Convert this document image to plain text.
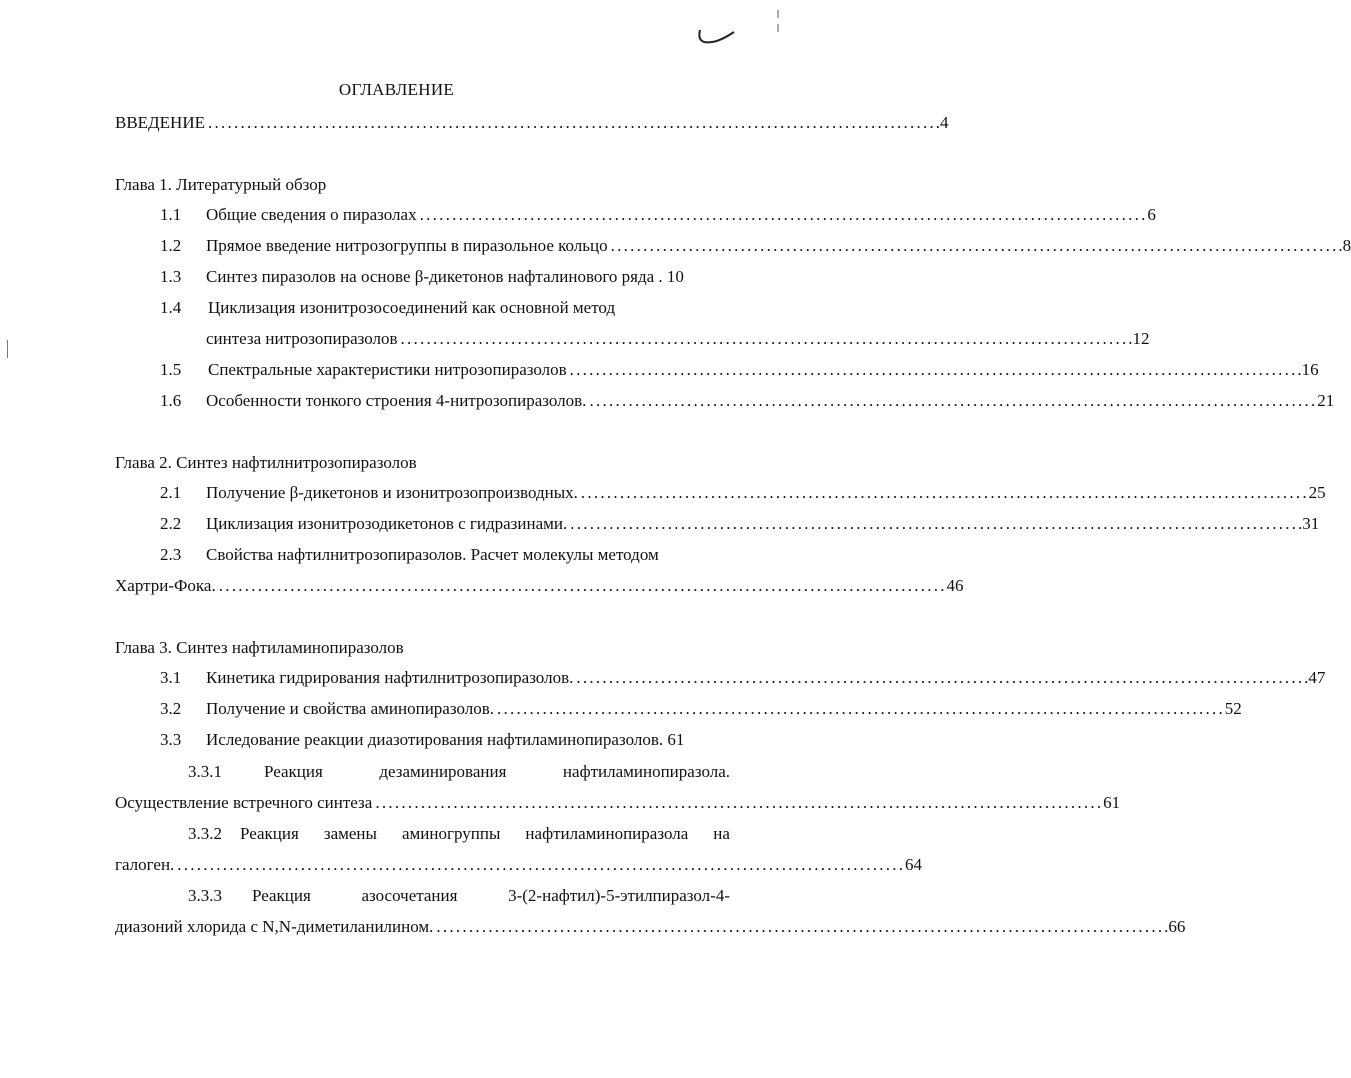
ОГЛАВЛЕНИЕ
ВВЕДЕНИЕ . . .	.4
Глава 1. Литературный обзор
1.1 Общие сведения о пиразолах . . .	6
1.2 Прямое введение нитрозогруппы в пиразольное кольцо . . .	.8
1.3 Синтез пиразолов на основе β-дикетонов нафталинового ряда . 10
1.4 Циклизация изонитрозосоединений как основной метод
синтеза нитрозопиразолов . . .	.12
1.5 Спектральные характеристики нитрозопиразолов . . .	.16
1.6 Особенности тонкого строения 4-нитрозопиразолов. . . .	21
Глава 2. Синтез нафтилнитрозопиразолов
2.1 Получение β-дикетонов и изонитрозопроизводных. . . .	25
2.2 Циклизация изонитрозодикетонов с гидразинами. . . .	.31
2.3 Свойства нафтилнитрозопиразолов. Расчет молекулы методом
Хартри-Фока. . . .	46
Глава 3. Синтез нафтиламинопиразолов
3.1 Кинетика гидрирования нафтилнитрозопиразолов. . . .	.47
3.2 Получение и свойства аминопиразолов. . . .	52
3.3 Иследование реакции диазотирования нафтиламинопиразолов. 61
3.3.1 Реакция	дезаминирования	нафтиламинопиразола.
Осуществление встречного синтеза . . .	61
3.3.2 Реакция замены аминогруппы нафтиламинопиразола на
галоген. . . .	64
3.3.3 Реакция	азосочетания	3-(2-нафтил)-5-этилпиразол-4-
диазоний хлорида с N,N-диметиланилином. . . .	.66
